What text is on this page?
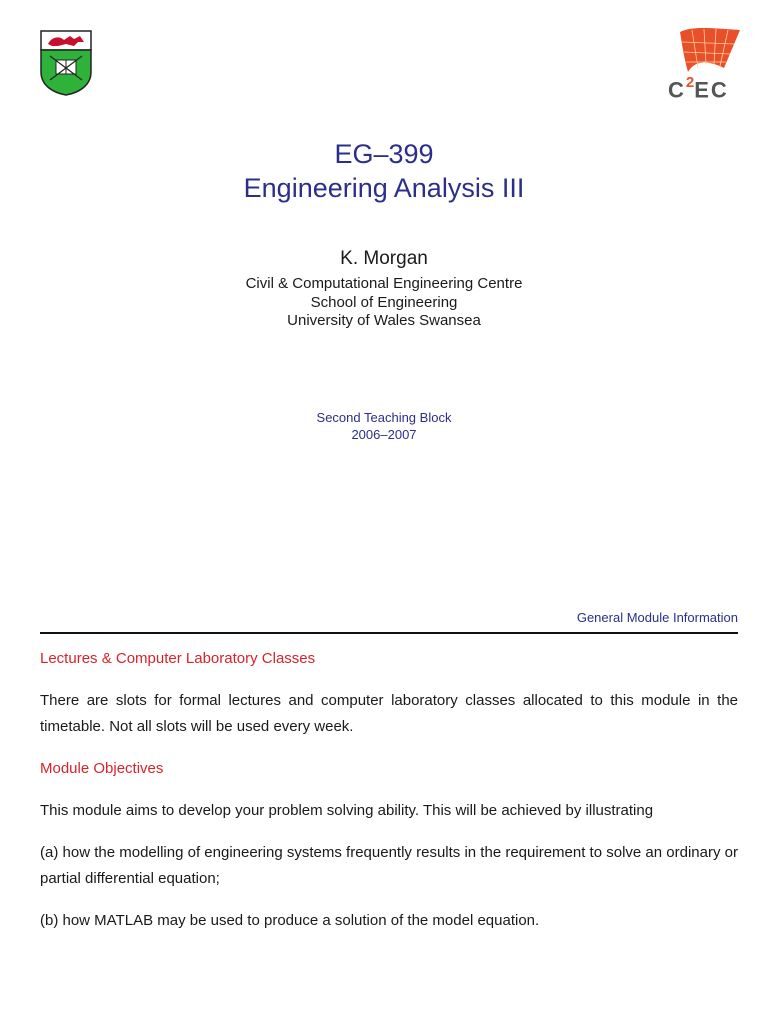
$C^2EC$
EG–399
Engineering Analysis III
K. Morgan
Civil & Computational Engineering Centre
School of Engineering
University of Wales Swansea
Second Teaching Block
2006–2007
General Module Information
Lectures & Computer Laboratory Classes
There are slots for formal lectures and computer laboratory classes allocated to this module in the timetable. Not all slots will be used every week.
Module Objectives
This module aims to develop your problem solving ability. This will be achieved by illustrating
(a) how the modelling of engineering systems frequently results in the requirement to solve an ordinary or partial differential equation;
(b) how MATLAB may be used to produce a solution of the model equation.
